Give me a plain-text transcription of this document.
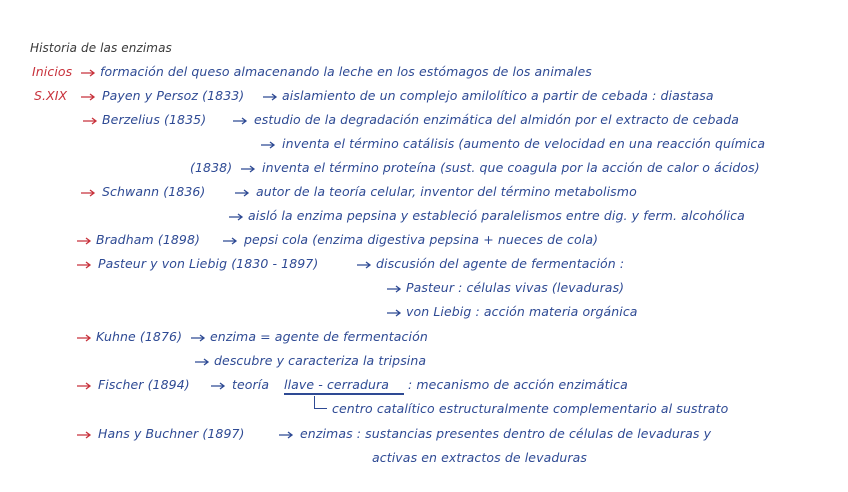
Historia de las enzimas
Inicios formación del queso almacenando la leche en los estómagos de los animales
S.XIX	Payen y Persoz (1833)	aislamiento de un complejo amilolítico a partir de cebada : diastasa
Berzelius (1835)	estudio de la degradación enzimática del almidón por el extracto de cebada
inventa el término catálisis (aumento de velocidad en una reacción química
(1838) inventa el término proteína (sust. que coagula por la acción de calor o ácidos)
Schwann (1836)	autor de la teoría celular, inventor del término metabolismo
aisló la enzima pepsina y estableció paralelismos entre dig. y ferm. alcohólica
Bradham (1898)	pepsi cola (enzima digestiva pepsina + nueces de cola)
Pasteur y von Liebig (1830 - 1897)	discusión del agente de fermentación :
Pasteur : células vivas (levaduras)
von Liebig : acción materia orgánica
Kuhne (1876) enzima = agente de fermentación
descubre y caracteriza la tripsina
Fischer (1894)	teoría llave - cerradura : mecanismo de acción enzimática
centro catalítico estructuralmente complementario al sustrato
Hans y Buchner (1897)	enzimas : sustancias presentes dentro de células de levaduras y
activas en extractos de levaduras
